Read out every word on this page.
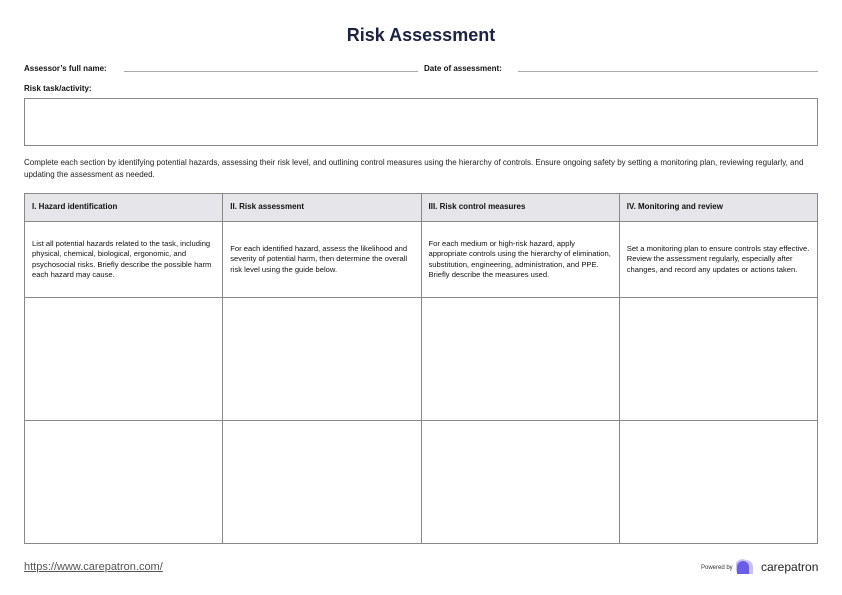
Risk Assessment
Assessor’s full name:	Date of assessment:
Risk task/activity:
Complete each section by identifying potential hazards, assessing their risk level, and outlining control measures using the hierarchy of controls. Ensure ongoing safety by setting a monitoring plan, reviewing regularly, and updating the assessment as needed.
I. Hazard identification	II. Risk assessment	III. Risk control measures	IV. Monitoring and review
List all potential hazards related to the task, including physical, chemical, biological, ergonomic, and psychosocial risks. Briefly describe the possible harm each hazard may cause.	For each identified hazard, assess the likelihood and severity of potential harm, then determine the overall risk level using the guide below.	For each medium or high-risk hazard, apply appropriate controls using the hierarchy of elimination, substitution, engineering, administration, and PPE. Briefly describe the measures used.	Set a monitoring plan to ensure controls stay effective. Review the assessment regularly, especially after changes, and record any updates or actions taken.

https://www.carepatron.com/	Powered by carepatron
